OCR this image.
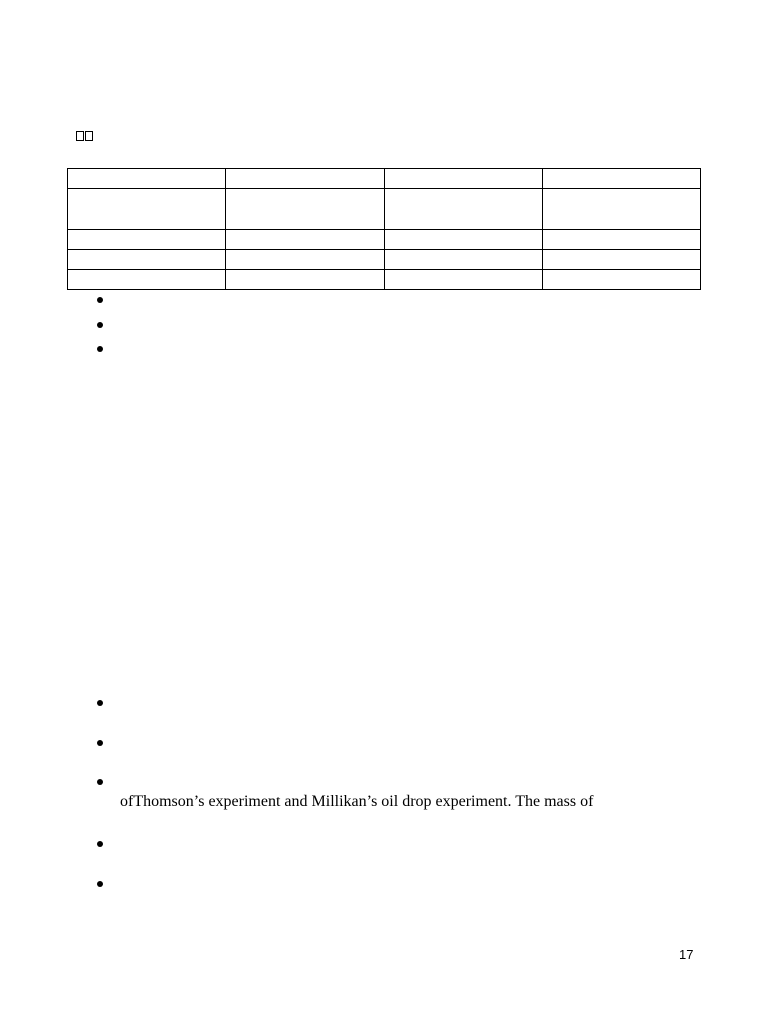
ofThomson’s experiment and Millikan’s oil drop experiment. The mass of
17
